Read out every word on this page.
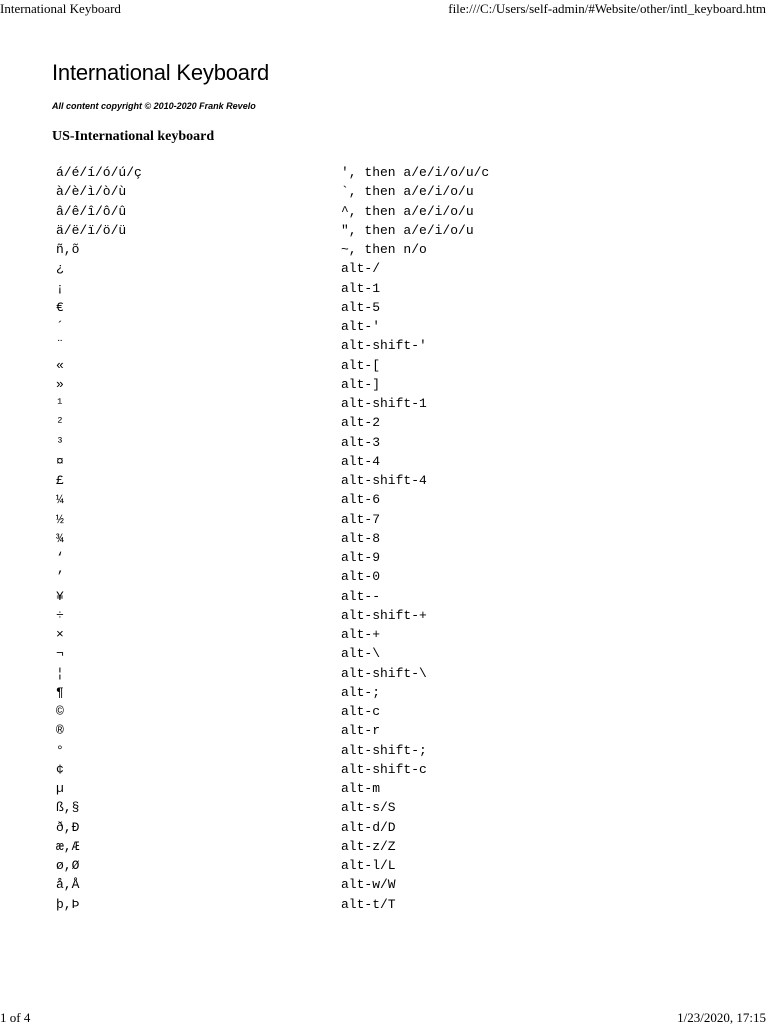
International Keyboard	file:///C:/Users/self-admin/#Website/other/intl_keyboard.htm
International Keyboard
All content copyright © 2010-2020 Frank Revelo
US-International keyboard
á/é/í/ó/ú/ç	', then a/e/i/o/u/c
à/è/ì/ò/ù	`, then a/e/i/o/u
â/ê/î/ô/û	^, then a/e/i/o/u
ä/ë/ï/ö/ü	", then a/e/i/o/u
ñ,õ	~, then n/o
¿	alt-/
¡	alt-1
€	alt-5
´	alt-'
¨	alt-shift-'
«	alt-[
»	alt-]
¹	alt-shift-1
²	alt-2
³	alt-3
¤	alt-4
£	alt-shift-4
¼	alt-6
½	alt-7
¾	alt-8
‘	alt-9
’	alt-0
¥	alt--
÷	alt-shift-+
×	alt-+
¬	alt-\
¦	alt-shift-\
¶	alt-;
©	alt-c
®	alt-r
°	alt-shift-;
¢	alt-shift-c
µ	alt-m
ß,§	alt-s/S
ð,Ð	alt-d/D
æ,Æ	alt-z/Z
ø,Ø	alt-l/L
å,Å	alt-w/W
þ,Þ	alt-t/T
1 of 4	1/23/2020, 17:15
